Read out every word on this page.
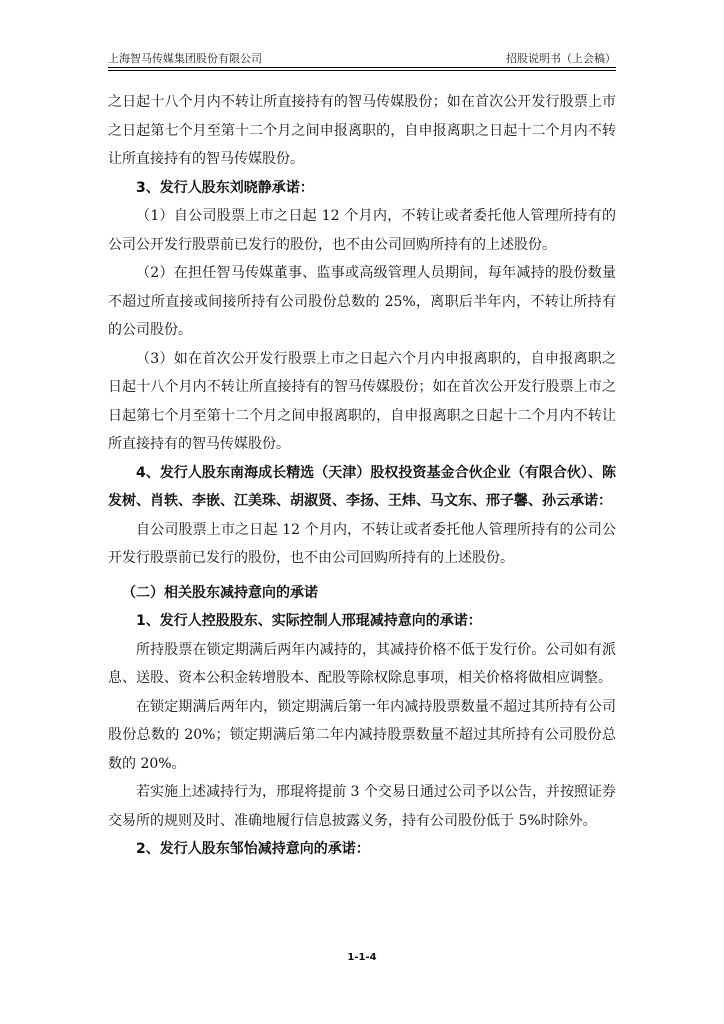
上海智马传媒集团股份有限公司	招股说明书（上会稿）

之日起十八个月内不转让所直接持有的智马传媒股份；如在首次公开发行股票上市之日起第七个月至第十二个月之间申报离职的，自申报离职之日起十二个月内不转让所直接持有的智马传媒股份。

3、发行人股东刘晓静承诺：

（1）自公司股票上市之日起 12 个月内，不转让或者委托他人管理所持有的公司公开发行股票前已发行的股份，也不由公司回购所持有的上述股份。

（2）在担任智马传媒董事、监事或高级管理人员期间，每年减持的股份数量不超过所直接或间接所持有公司股份总数的 25%，离职后半年内，不转让所持有的公司股份。

（3）如在首次公开发行股票上市之日起六个月内申报离职的，自申报离职之日起十八个月内不转让所直接持有的智马传媒股份；如在首次公开发行股票上市之日起第七个月至第十二个月之间申报离职的，自申报离职之日起十二个月内不转让所直接持有的智马传媒股份。

4、发行人股东南海成长精选（天津）股权投资基金合伙企业（有限合伙）、陈发树、肖轶、李嵌、江美珠、胡淑贤、李扬、王炜、马文东、邢子馨、孙云承诺：

自公司股票上市之日起 12 个月内，不转让或者委托他人管理所持有的公司公开发行股票前已发行的股份，也不由公司回购所持有的上述股份。

（二）相关股东减持意向的承诺

1、发行人控股股东、实际控制人邢琨减持意向的承诺：

所持股票在锁定期满后两年内减持的，其减持价格不低于发行价。公司如有派息、送股、资本公积金转增股本、配股等除权除息事项，相关价格将做相应调整。

在锁定期满后两年内，锁定期满后第一年内减持股票数量不超过其所持有公司股份总数的 20%；锁定期满后第二年内减持股票数量不超过其所持有公司股份总数的 20%。

若实施上述减持行为，邢琨将提前 3 个交易日通过公司予以公告，并按照证券交易所的规则及时、准确地履行信息披露义务，持有公司股份低于 5%时除外。

2、发行人股东邹怡减持意向的承诺：

1-1-4
